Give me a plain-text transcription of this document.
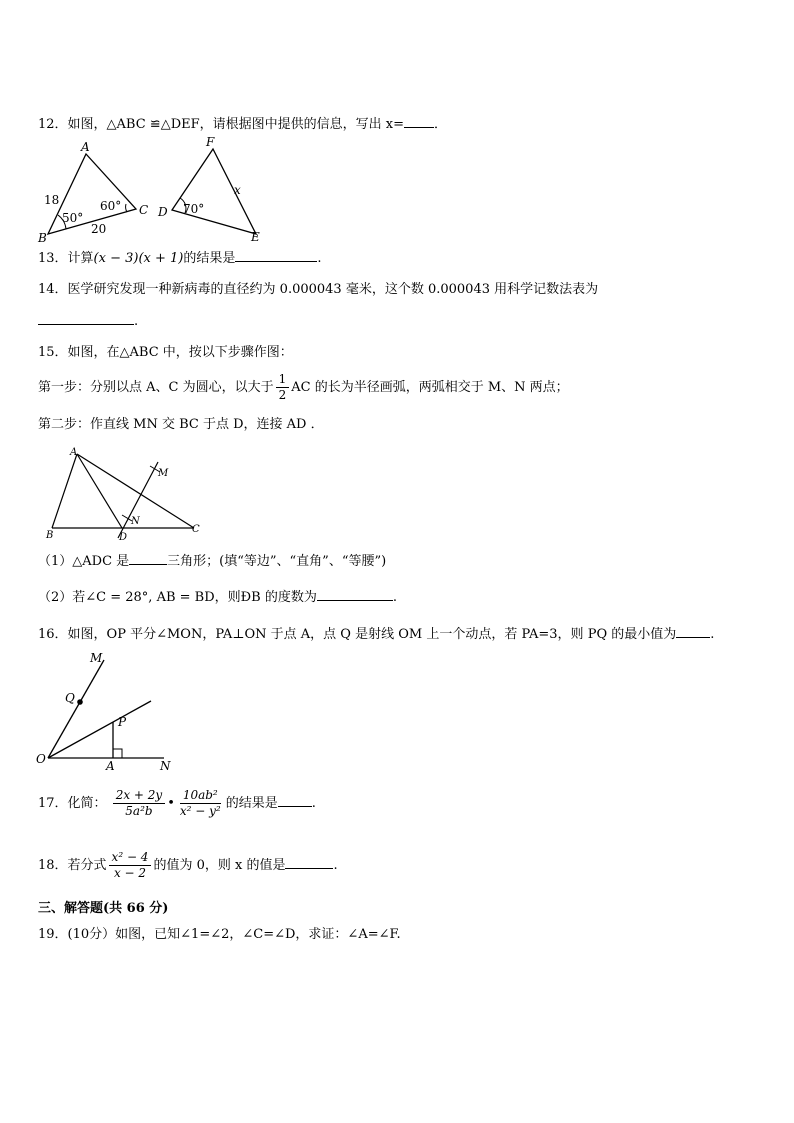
12．如图，△ABC ≌△DEF，请根据图中提供的信息，写出 x= ．
A
B
C
18
20
50°
60°	D
E
F
70°
x
13．计算(x − 3)(x + 1)的结果是	.
14．医学研究发现一种新病毒的直径约为 0.000043 毫米，这个数 0.000043 用科学记数法表为
.
15．如图，在△ABC 中，按以下步骤作图：
第一步：分别以点 A、C 为圆心，以大于 $\frac{1}{2}$ AC 的长为半径画弧，两弧相交于 M、N 两点；
第二步：作直线 MN 交 BC 于点 D，连接 AD ．
A
B
C
D
M
N
（1）△ADC 是	三角形；(填“等边”、“直角”、“等腰”)
（2）若∠C = 28°, AB = BD，则ÐB 的度数为	.
16．如图，OP 平分∠MON，PA⊥ON 于点 A，点 Q 是射线 OM 上一个动点，若 PA=3，则 PQ 的最小值为	.
M
Q
P
O	A	N
17．化简： $\frac{2x + 2y}{\text{5a²b}}$ • $\frac{\text{10ab²}}{\text{x² − y²}}$ 的结果是	.
18．若分式 $\frac{\text{x² − 4}}{x - 2}$ 的值为 0，则 x 的值是	.
三、解答题(共 66 分)
19．(10分）如图，已知∠1=∠2，∠C=∠D，求证：∠A=∠F.
